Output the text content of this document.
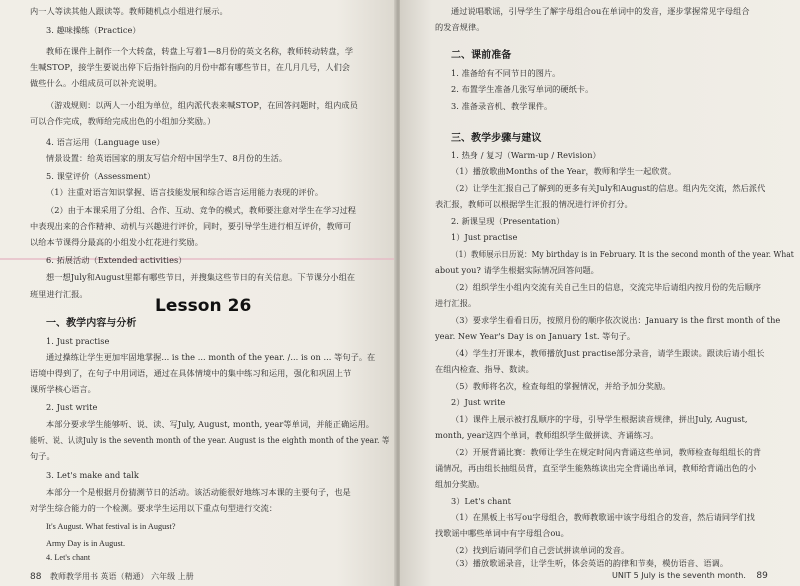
内一人等读其他人跟读等。教师随机点小组进行展示。
3. 趣味操练（Practice）
教师在课件上制作一个大转盘，转盘上写着1—8月份的英文名称，教师转动转盘，学
生喊STOP，接学生要说出停下后指针指向的月份中都有哪些节日，在几月几号，人们会
做些什么。小组成员可以补充说明。
（游戏规则：以两人一小组为单位，组内派代表来喊STOP，在回答问题时，组内成员
可以合作完成，教师给完成出色的小组加分奖励。）
4. 语言运用（Language use）
情景设置：给英语国家的朋友写信介绍中国学生7、8月份的生活。
5. 课堂评价（Assessment）
（1）注重对语言知识掌握、语言技能发展和综合语言运用能力表现的评价。
（2）由于本课采用了分组、合作、互动、竞争的模式，教师要注意对学生在学习过程
中表现出来的合作精神、动机与兴趣进行评价，同时，要引导学生进行相互评价，教师可
以给本节课得分最高的小组发小红花进行奖励。
6. 拓展活动（Extended activities）
想一想July和August里都有哪些节日，并搜集这些节日的有关信息。下节课分小组在
班里进行汇报。
Lesson 26
一、教学内容与分析
1. Just practise
通过操练让学生更加牢固地掌握... is the ... month of the year. /... is on ... 等句子。在
语境中得到了，在句子中用词语，通过在具体情境中的集中练习和运用，强化和巩固上节
课所学核心语言。
2. Just write
本部分要求学生能够听、说、读、写July, August, month, year等单词，并能正确运用。
能听、说、认读July is the seventh month of the year. August is the eighth month of the year. 等
句子。
3. Let's make and talk
本部分一个是根据月份猜测节日的活动。该活动能很好地练习本课的主要句子，也是
对学生综合能力的一个检测。要求学生运用以下重点句型进行交流：
It's August. What festival is in August?
Army Day is in August.
4. Let's chant
88 教师教学用书 英语（精通） 六年级 上册
通过说唱歌谣，引导学生了解字母组合ou在单词中的发音，逐步掌握常见字母组合
的发音规律。
二、课前准备
1. 准备给有不同节日的图片。
2. 布置学生准备几张写单词的硬纸卡。
3. 准备录音机、教学课件。
三、教学步骤与建议
1. 热身 / 复习（Warm-up / Revision）
（1）播放歌曲Months of the Year，教师和学生一起欣赏。
（2）让学生汇报自己了解到的更多有关July和August的信息。组内先交流，然后派代
表汇报，教师可以根据学生汇报的情况进行评价打分。
2. 新课呈现（Presentation）
1）Just practise
（1）教师展示日历说：My birthday is in February. It is the second month of the year. What
about you? 请学生根据实际情况回答问题。
（2）组织学生小组内交流有关自己生日的信息，交流完毕后请组内按月份的先后顺序
进行汇报。
（3）要求学生看看日历，按照月份的顺序依次说出：January is the first month of the
year. New Year's Day is on January 1st. 等句子。
（4）学生打开课本，教师播放Just practise部分录音，请学生跟读。跟读后请小组长
在组内检查、指导、数读。
（5）教师将名次，检查每组的掌握情况，并给予加分奖励。
2）Just write
（1）课件上展示被打乱顺序的字母，引导学生根据读音规律，拼出July, August,
month, year这四个单词，教师组织学生做拼读、齐诵练习。
（2）开展背诵比赛：教师让学生在规定时间内背诵这些单词，教师检查每组组长的背
诵情况，再由组长抽组员背，直至学生能熟练读出完全背诵出单词，教师给背诵出色的小
组加分奖励。
3）Let's chant
（1）在黑板上书写ou字母组合，教师教歌谣中该字母组合的发音，然后请同学们找
找歌谣中哪些单词中有字母组合ou。
（2）找到后请同学们自己尝试拼读单词的发音。
（3）播放歌谣录音，让学生听，体会英语的韵律和节奏，模仿语音、语调。
UNIT 5 July is the seventh month. 89
